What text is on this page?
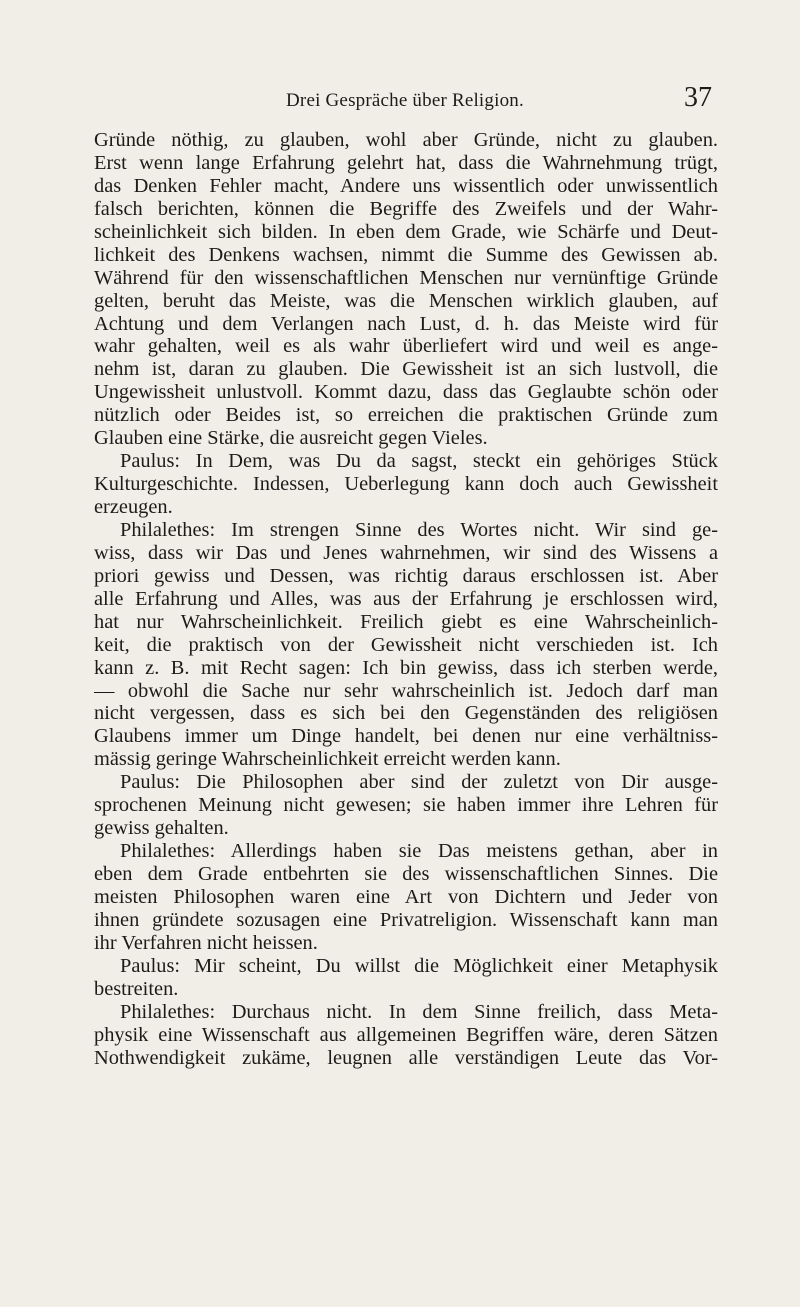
Drei Gespräche über Religion.	37
Gründe nöthig, zu glauben, wohl aber Gründe, nicht zu glauben.
Erst wenn lange Erfahrung gelehrt hat, dass die Wahrnehmung trügt,
das Denken Fehler macht, Andere uns wissentlich oder unwissentlich
falsch berichten, können die Begriffe des Zweifels und der Wahr-
scheinlichkeit sich bilden. In eben dem Grade, wie Schärfe und Deut-
lichkeit des Denkens wachsen, nimmt die Summe des Gewissen ab.
Während für den wissenschaftlichen Menschen nur vernünftige Gründe
gelten, beruht das Meiste, was die Menschen wirklich glauben, auf
Achtung und dem Verlangen nach Lust, d. h. das Meiste wird für
wahr gehalten, weil es als wahr überliefert wird und weil es ange-
nehm ist, daran zu glauben. Die Gewissheit ist an sich lustvoll, die
Ungewissheit unlustvoll. Kommt dazu, dass das Geglaubte schön oder
nützlich oder Beides ist, so erreichen die praktischen Gründe zum
Glauben eine Stärke, die ausreicht gegen Vieles.
Paulus: In Dem, was Du da sagst, steckt ein gehöriges Stück
Kulturgeschichte. Indessen, Ueberlegung kann doch auch Gewissheit
erzeugen.
Philalethes: Im strengen Sinne des Wortes nicht. Wir sind ge-
wiss, dass wir Das und Jenes wahrnehmen, wir sind des Wissens a
priori gewiss und Dessen, was richtig daraus erschlossen ist. Aber
alle Erfahrung und Alles, was aus der Erfahrung je erschlossen wird,
hat nur Wahrscheinlichkeit. Freilich giebt es eine Wahrscheinlich-
keit, die praktisch von der Gewissheit nicht verschieden ist. Ich
kann z. B. mit Recht sagen: Ich bin gewiss, dass ich sterben werde,
— obwohl die Sache nur sehr wahrscheinlich ist. Jedoch darf man
nicht vergessen, dass es sich bei den Gegenständen des religiösen
Glaubens immer um Dinge handelt, bei denen nur eine verhältniss-
mässig geringe Wahrscheinlichkeit erreicht werden kann.
Paulus: Die Philosophen aber sind der zuletzt von Dir ausge-
sprochenen Meinung nicht gewesen; sie haben immer ihre Lehren für
gewiss gehalten.
Philalethes: Allerdings haben sie Das meistens gethan, aber in
eben dem Grade entbehrten sie des wissenschaftlichen Sinnes. Die
meisten Philosophen waren eine Art von Dichtern und Jeder von
ihnen gründete sozusagen eine Privatreligion. Wissenschaft kann man
ihr Verfahren nicht heissen.
Paulus: Mir scheint, Du willst die Möglichkeit einer Metaphysik
bestreiten.
Philalethes: Durchaus nicht. In dem Sinne freilich, dass Meta-
physik eine Wissenschaft aus allgemeinen Begriffen wäre, deren Sätzen
Nothwendigkeit zukäme, leugnen alle verständigen Leute das Vor-
